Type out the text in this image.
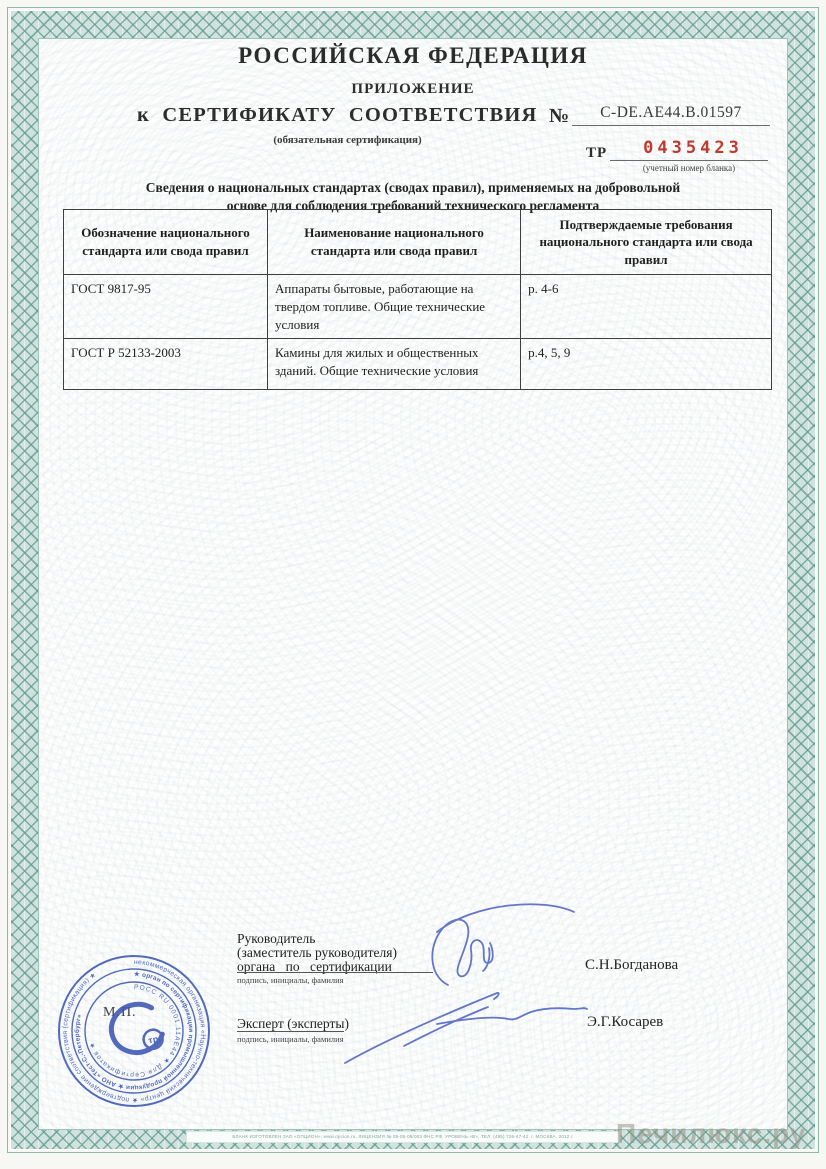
РОССИЙСКАЯ ФЕДЕРАЦИЯ
ПРИЛОЖЕНИЕ
к СЕРТИФИКАТУ СООТВЕТСТВИЯ №	C-DE.AE44.B.01597
(обязательная сертификация)
ТР	0435423
(учетный номер бланка)
Сведения о национальных стандартах (сводах правил), применяемых на добровольной
основе для соблюдения требований технического регламента
Обозначение национального стандарта или свода правил	Наименование национального стандарта или свода правил	Подтверждаемые требования национального стандарта или свода правил
ГОСТ 9817-95	Аппараты бытовые, работающие на твердом топливе. Общие технические условия	р. 4-6
ГОСТ Р 52133-2003	Камины для жилых и общественных зданий. Общие технические условия	р.4, 5, 9
Руководитель
(заместитель руководителя)
органа по сертификации
подпись, инициалы, фамилия
С.Н.Богданова
Эксперт (эксперты)
подпись, инициалы, фамилия
Э.Г.Косарев
М.П.
некоммерческая организация «Научно-технический центр» ★ подтверждение соответствия (сертификация) ★	★ орган по сертификации промышленной продукции ★ АНО «Тест-С.-Петербург»
РОСС RU.0001.11АЕ44 ★ Для Сертификатов ★	тр
БЛАНК ИЗГОТОВЛЕН ЗАО «ОПЦИОН», www.opcion.ru, ЛИЦЕНЗИЯ № 05-05-09/003 ФНС РФ, УРОВЕНЬ «В», ТЕЛ. (495) 726-47-42, г. МОСКВА, 2012 г.	Печилюкс.ру
